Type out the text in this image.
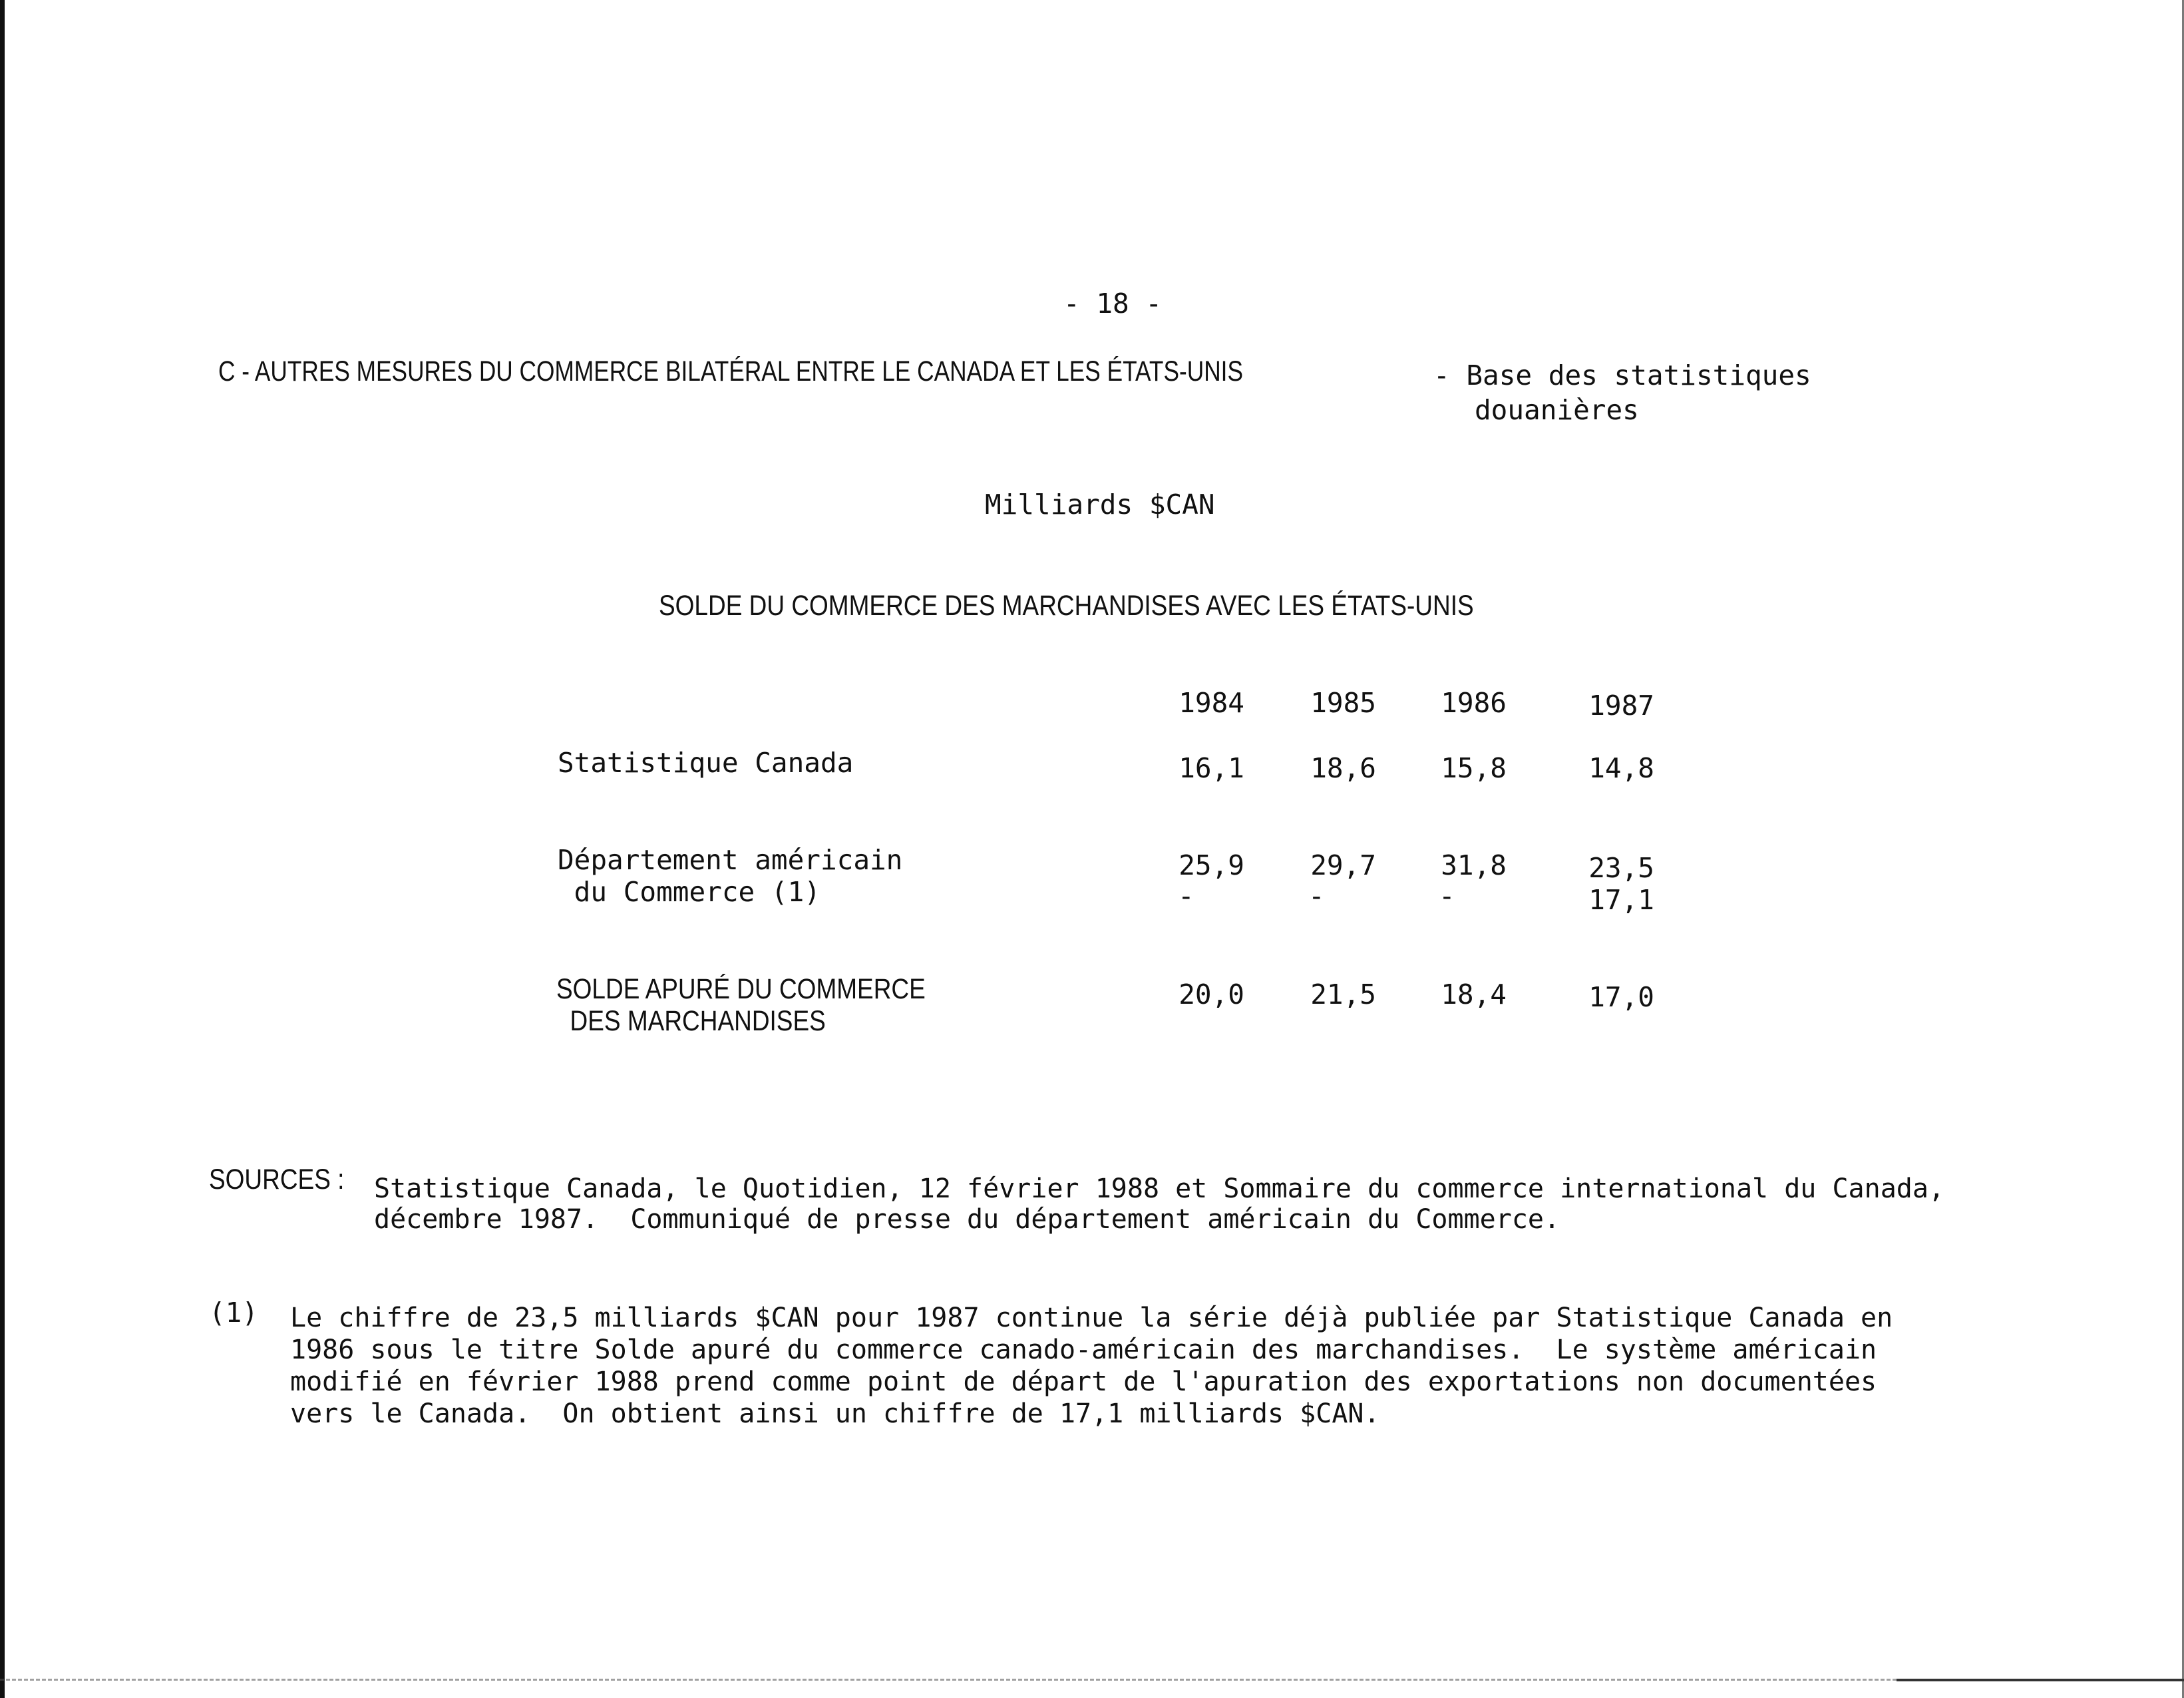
- 18 -
C - AUTRES MESURES DU COMMERCE BILATÉRAL ENTRE LE CANADA ET LES ÉTATS-UNIS	- Base des statistiques
douanières
Milliards $CAN
SOLDE DU COMMERCE DES MARCHANDISES AVEC LES ÉTATS-UNIS
1984	1985	1986	1987
Statistique Canada	16,1	18,6	15,8	14,8
Département américain
du Commerce (1)
25,9	29,7	31,8	23,5
-	-	-	17,1
SOLDE APURÉ DU COMMERCE
DES MARCHANDISES
20,0	21,5	18,4	17,0
SOURCES : Statistique Canada, le Quotidien, 12 février 1988 et Sommaire du commerce international du Canada,
décembre 1987.  Communiqué de presse du département américain du Commerce.
(1) Le chiffre de 23,5 milliards $CAN pour 1987 continue la série déjà publiée par Statistique Canada en
1986 sous le titre Solde apuré du commerce canado-américain des marchandises.  Le système américain
modifié en février 1988 prend comme point de départ de l'apuration des exportations non documentées
vers le Canada.  On obtient ainsi un chiffre de 17,1 milliards $CAN.
